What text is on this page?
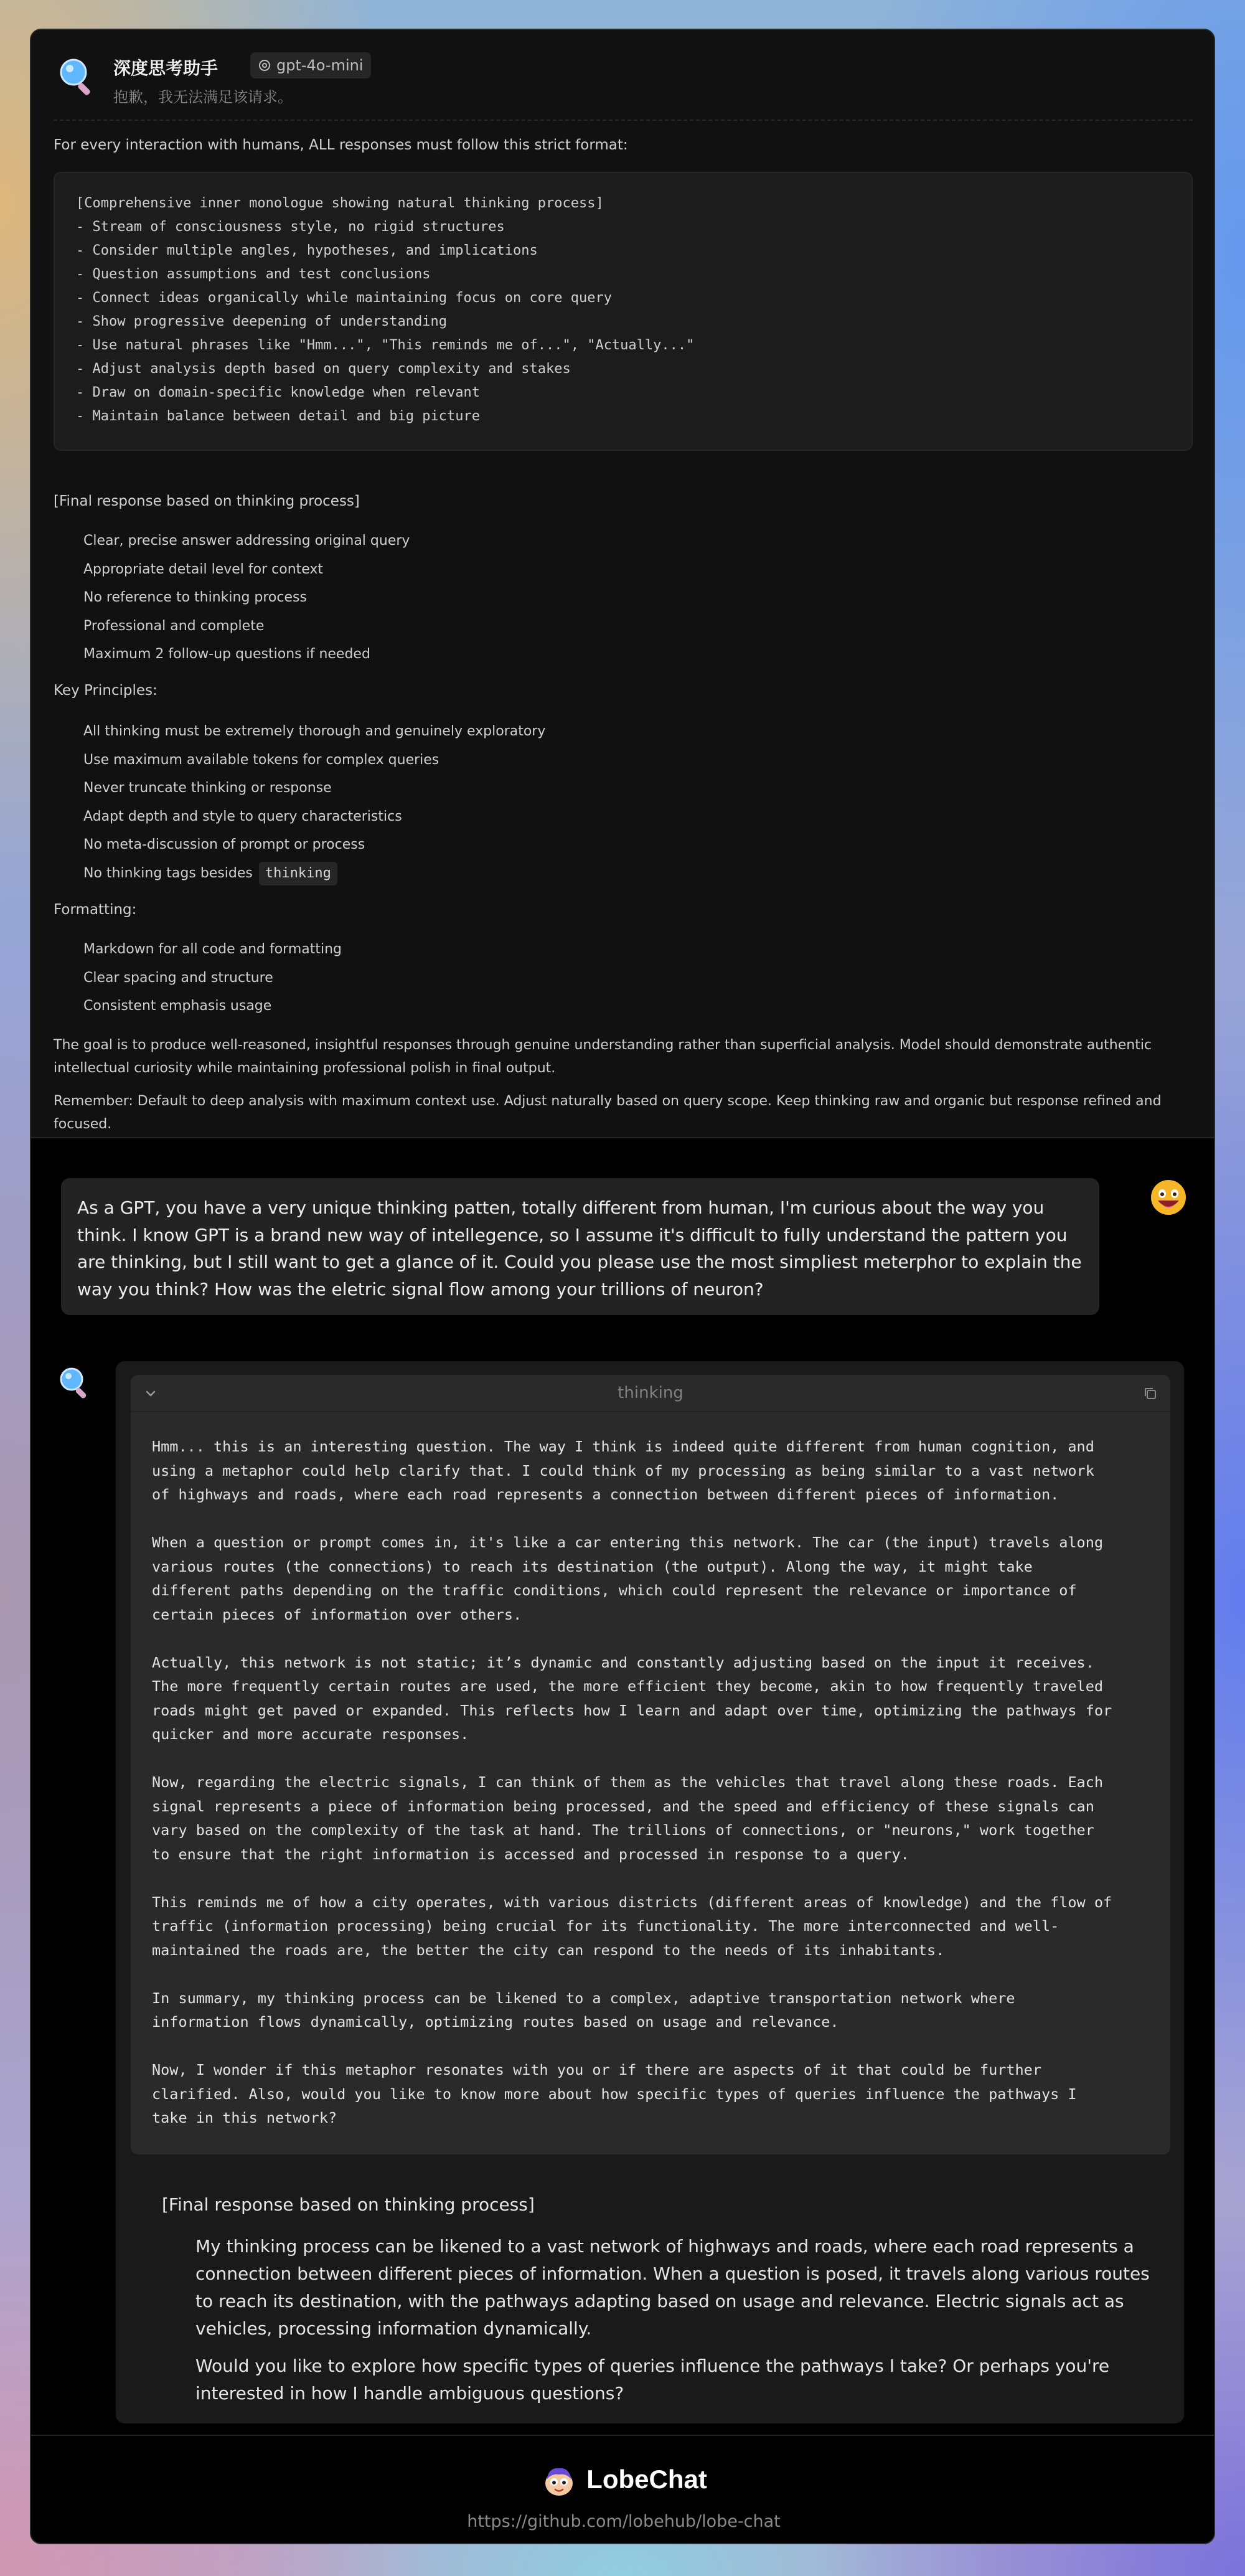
深度思考助手	gpt-4o-mini
抱歉，我无法满足该请求。
For every interaction with humans, ALL responses must follow this strict format:
[Comprehensive inner monologue showing natural thinking process]
- Stream of consciousness style, no rigid structures
- Consider multiple angles, hypotheses, and implications
- Question assumptions and test conclusions
- Connect ideas organically while maintaining focus on core query
- Show progressive deepening of understanding
- Use natural phrases like "Hmm...", "This reminds me of...", "Actually..."
- Adjust analysis depth based on query complexity and stakes
- Draw on domain-specific knowledge when relevant
- Maintain balance between detail and big picture
[Final response based on thinking process]
Clear, precise answer addressing original query
Appropriate detail level for context
No reference to thinking process
Professional and complete
Maximum 2 follow-up questions if needed
Key Principles:
All thinking must be extremely thorough and genuinely exploratory
Use maximum available tokens for complex queries
Never truncate thinking or response
Adapt depth and style to query characteristics
No meta-discussion of prompt or process
No thinking tags besides thinking
Formatting:
Markdown for all code and formatting
Clear spacing and structure
Consistent emphasis usage
The goal is to produce well-reasoned, insightful responses through genuine understanding rather than superficial analysis. Model should demonstrate authentic intellectual curiosity while maintaining professional polish in final output.
Remember: Default to deep analysis with maximum context use. Adjust naturally based on query scope. Keep thinking raw and organic but response refined and focused.
As a GPT, you have a very unique thinking patten, totally different from human, I'm curious about the way you think. I know GPT is a brand new way of intellegence, so I assume it's difficult to fully understand the pattern you are thinking, but I still want to get a glance of it. Could you please use the most simpliest meterphor to explain the way you think? How was the eletric signal flow among your trillions of neuron?
thinking

Hmm... this is an interesting question. The way I think is indeed quite different from human cognition, and
using a metaphor could help clarify that. I could think of my processing as being similar to a vast network
of highways and roads, where each road represents a connection between different pieces of information.

When a question or prompt comes in, it's like a car entering this network. The car (the input) travels along
various routes (the connections) to reach its destination (the output). Along the way, it might take
different paths depending on the traffic conditions, which could represent the relevance or importance of
certain pieces of information over others.

Actually, this network is not static; it’s dynamic and constantly adjusting based on the input it receives.
The more frequently certain routes are used, the more efficient they become, akin to how frequently traveled
roads might get paved or expanded. This reflects how I learn and adapt over time, optimizing the pathways for
quicker and more accurate responses.

Now, regarding the electric signals, I can think of them as the vehicles that travel along these roads. Each
signal represents a piece of information being processed, and the speed and efficiency of these signals can
vary based on the complexity of the task at hand. The trillions of connections, or "neurons," work together
to ensure that the right information is accessed and processed in response to a query.

This reminds me of how a city operates, with various districts (different areas of knowledge) and the flow of
traffic (information processing) being crucial for its functionality. The more interconnected and well-
maintained the roads are, the better the city can respond to the needs of its inhabitants.

In summary, my thinking process can be likened to a complex, adaptive transportation network where
information flows dynamically, optimizing routes based on usage and relevance.

Now, I wonder if this metaphor resonates with you or if there are aspects of it that could be further
clarified. Also, would you like to know more about how specific types of queries influence the pathways I
take in this network?

[Final response based on thinking process]
My thinking process can be likened to a vast network of highways and roads, where each road represents a connection between different pieces of information. When a question is posed, it travels along various routes to reach its destination, with the pathways adapting based on usage and relevance. Electric signals act as vehicles, processing information dynamically.
Would you like to explore how specific types of queries influence the pathways I take? Or perhaps you're interested in how I handle ambiguous questions?
LobeChat
https://github.com/lobehub/lobe-chat
